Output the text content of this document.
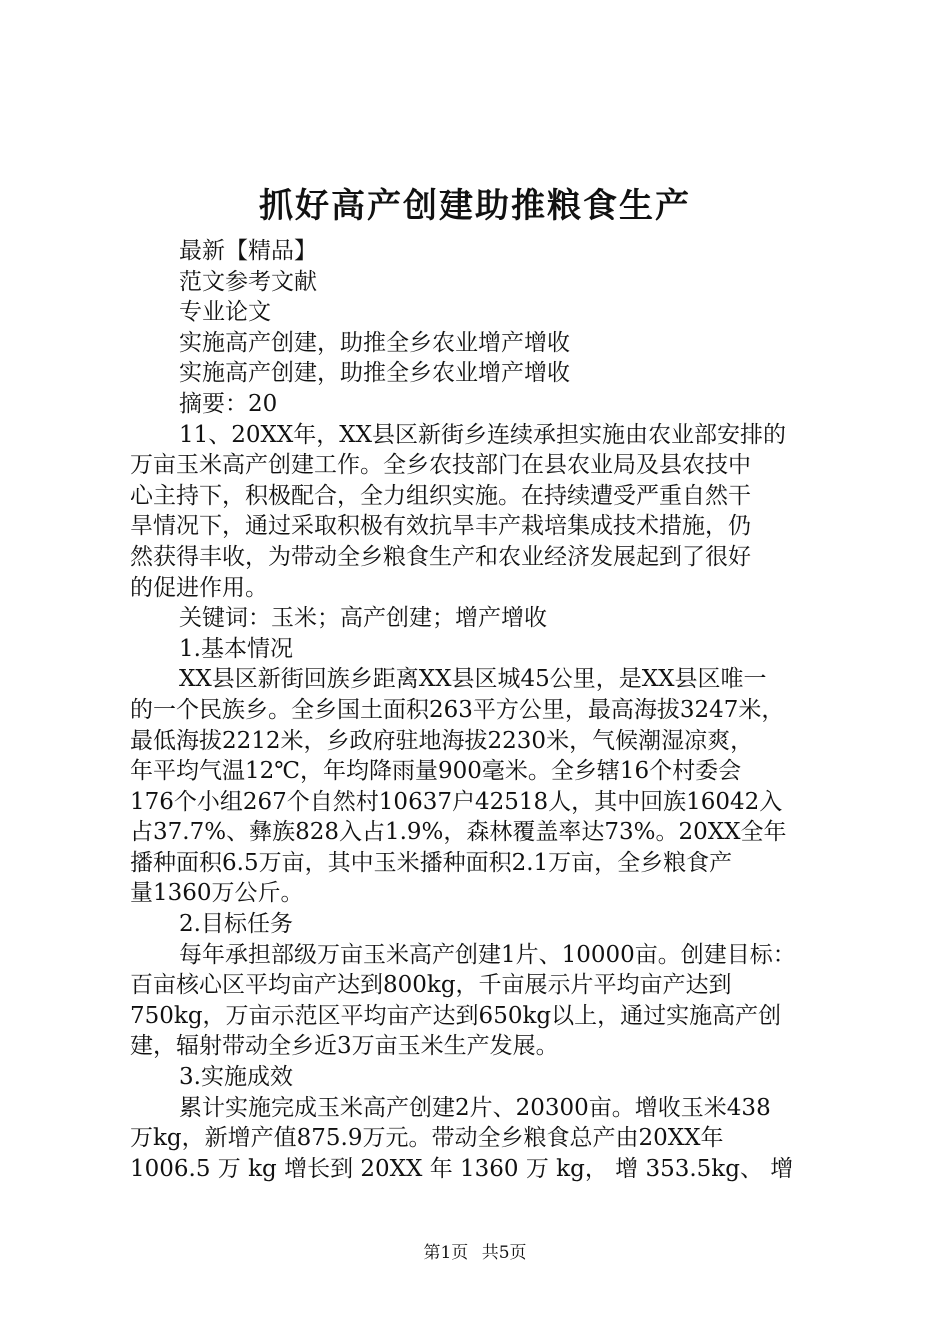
抓好高产创建助推粮食生产
最新【精品】
范文参考文献
专业论文
实施高产创建，助推全乡农业增产增收
实施高产创建，助推全乡农业增产增收
摘要：20
11、20XX年，XX县区新街乡连续承担实施由农业部安排的
万亩玉米高产创建工作。全乡农技部门在县农业局及县农技中
心主持下，积极配合，全力组织实施。在持续遭受严重自然干
旱情况下，通过采取积极有效抗旱丰产栽培集成技术措施，仍
然获得丰收，为带动全乡粮食生产和农业经济发展起到了很好
的促进作用。
关键词：玉米；高产创建；增产增收
1.基本情况
XX县区新街回族乡距离XX县区城45公里，是XX县区唯一
的一个民族乡。全乡国土面积263平方公里，最高海拔3247米，
最低海拔2212米，乡政府驻地海拔2230米，气候潮湿凉爽，
年平均气温12℃，年均降雨量900毫米。全乡辖16个村委会
176个小组267个自然村10637户42518人，其中回族16042入
占37.7%、彝族828入占1.9%，森林覆盖率达73%。20XX全年
播种面积6.5万亩，其中玉米播种面积2.1万亩，全乡粮食产
量1360万公斤。
2.目标任务
每年承担部级万亩玉米高产创建1片、10000亩。创建目标：
百亩核心区平均亩产达到800kg，千亩展示片平均亩产达到
750kg，万亩示范区平均亩产达到650kg以上，通过实施高产创
建，辐射带动全乡近3万亩玉米生产发展。
3.实施成效
累计实施完成玉米高产创建2片、20300亩。增收玉米438
万kg，新增产值875.9万元。带动全乡粮食总产由20XX年
1006.5 万 kg 增长到 20XX 年 1360 万 kg， 增 353.5kg、 增
第1页 共5页
